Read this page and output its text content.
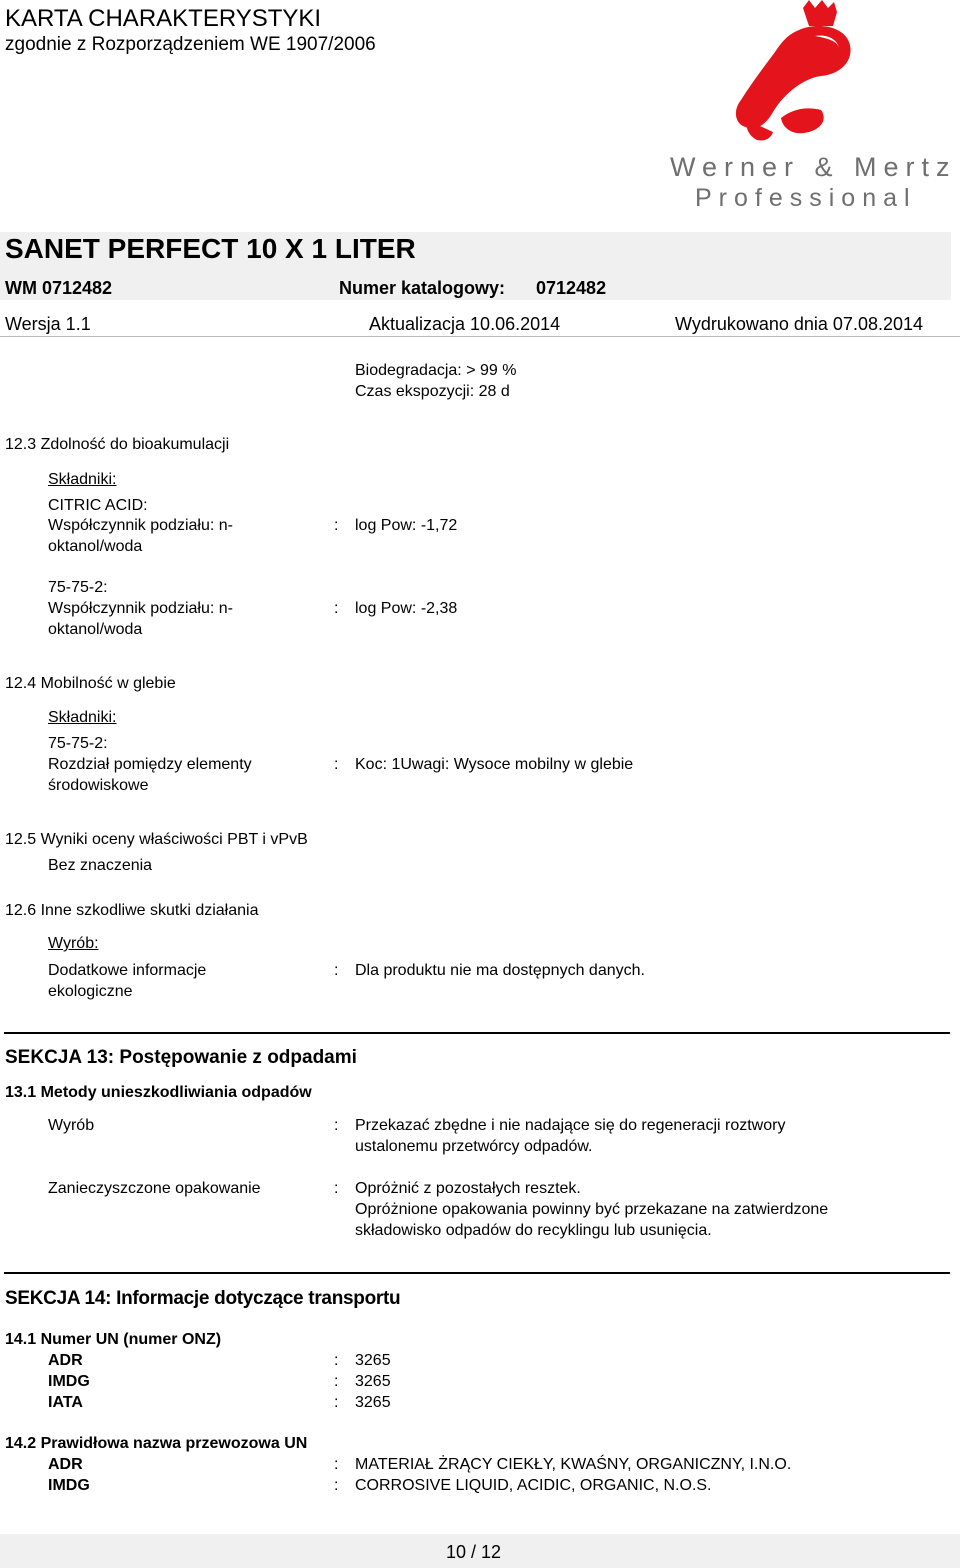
KARTA CHARAKTERYSTYKI
zgodnie z Rozporządzeniem WE 1907/2006
Werner & Mertz
Professional
SANET PERFECT 10 X 1 LITER
WM 0712482	Numer katalogowy: 0712482
Wersja 1.1	Aktualizacja 10.06.2014	Wydrukowano dnia 07.08.2014
Biodegradacja: > 99 %
Czas ekspozycji: 28 d
12.3 Zdolność do bioakumulacji
Składniki:
CITRIC ACID:
Współczynnik podziału: n-
oktanol/woda
: log Pow: -1,72
75-75-2:
Współczynnik podziału: n-
oktanol/woda
: log Pow: -2,38
12.4 Mobilność w glebie
Składniki:
75-75-2:
Rozdział pomiędzy elementy
środowiskowe
: Koc: 1Uwagi: Wysoce mobilny w glebie
12.5 Wyniki oceny właściwości PBT i vPvB
Bez znaczenia
12.6 Inne szkodliwe skutki działania
Wyrób:
Dodatkowe informacje
ekologiczne
: Dla produktu nie ma dostępnych danych.
SEKCJA 13: Postępowanie z odpadami
13.1 Metody unieszkodliwiania odpadów
Wyrób	: Przekazać zbędne i nie nadające się do regeneracji roztwory
ustalonemu przetwórcy odpadów.
Zanieczyszczone opakowanie	: Opróżnić z pozostałych resztek.
Opróżnione opakowania powinny być przekazane na zatwierdzone
składowisko odpadów do recyklingu lub usunięcia.
SEKCJA 14: Informacje dotyczące transportu
14.1 Numer UN (numer ONZ)
ADR	: 3265
IMDG	: 3265
IATA	: 3265
14.2 Prawidłowa nazwa przewozowa UN
ADR	: MATERIAŁ ŻRĄCY CIEKŁY, KWAŚNY, ORGANICZNY, I.N.O.
IMDG	: CORROSIVE LIQUID, ACIDIC, ORGANIC, N.O.S.
10 / 12
